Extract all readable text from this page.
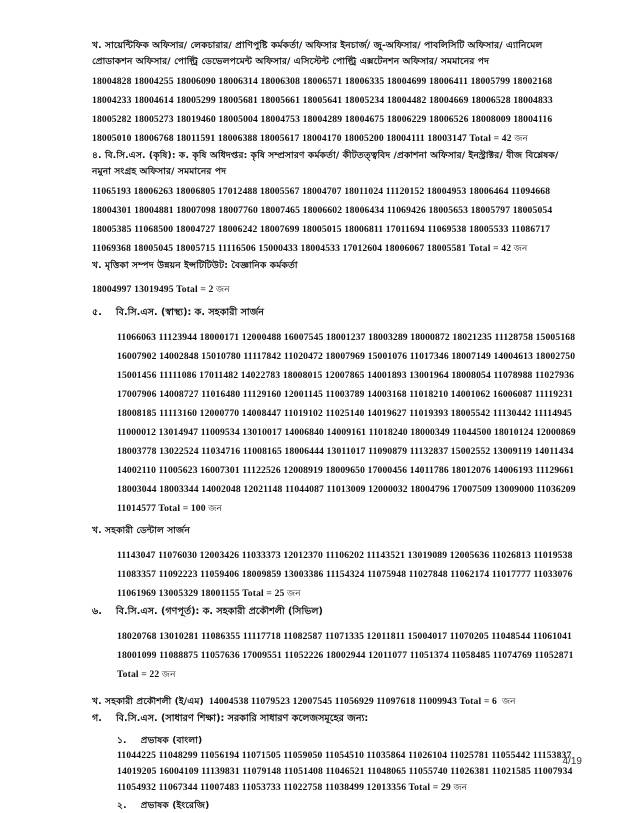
খ. সায়েন্টিফিক অফিসার/ লেকচারার/ প্রাণিপুষ্টি কর্মকর্তা/ অফিসার ইনচার্জ/ জু-অফিসার/ পাবলিসিটি অফিসার/ এ্যানিমেল
প্রোডাকশন অফিসার/ পোল্ট্রি ডেভেলপমেন্ট অফিসার/ এসিস্টেন্ট পোল্ট্রি এক্সটেনশন অফিসার/ সমমানের পদ
18004828 18004255 18006090 18006314 18006308 18006571 18006335 18004699 18006411 18005799 18002168
18004233 18004614 18005299 18005681 18005661 18005641 18005234 18004482 18004669 18006528 18004833
18005282 18005273 18019460 18005004 18004753 18004289 18004675 18006229 18006526 18008009 18004116
18005010 18006768 18011591 18006388 18005617 18004170 18005200 18004111 18003147 Total = 42 জন
৪. বি.সি.এস. (কৃষি): ক. কৃষি অধিদপ্তর: কৃষি সম্প্রসারণ কর্মকর্তা/ কীটতত্ত্ববিদ /প্রকাশনা অফিসার/ ইনস্ট্রাক্টর/ বীজ বিশ্লেষক/
নমুনা সংগ্রহ অফিসার/ সমমানের পদ
11065193 18006263 18006805 17012488 18005567 18004707 18011024 11120152 18004953 18006464 11094668
18004301 18004881 18007098 18007760 18007465 18006602 18006434 11069426 18005653 18005797 18005054
18005385 11068500 18004727 18006242 18007699 18005015 18006811 17011694 11069538 18005533 11086717
11069368 18005045 18005715 11116506 15000433 18004533 17012604 18006067 18005581 Total = 42 জন
খ. মৃত্তিকা সম্পদ উন্নয়ন ইন্সটিটিউট: বৈজ্ঞানিক কর্মকর্তা
18004997 13019495 Total = 2 জন
৫. বি.সি.এস. (স্বাস্থ্য): ক. সহকারী সার্জন
11066063 11123944 18000171 12000488 16007545 18001237 18003289 18000872 18021235 11128758 15005168
16007902 14002848 15010780 11117842 11020472 18007969 15001076 11017346 18007149 14004613 18002750
15001456 11111086 17011482 14022783 18008015 12007865 14001893 13001964 18008054 11078988 11027936
17007906 14008727 11016480 11129160 12001145 11003789 14003168 11018210 14001062 16006087 11119231
18008185 11113160 12000770 14008447 11019102 11025140 14019627 11019393 18005542 11130442 11114945
11000012 13014947 11009534 13010017 14006840 14009161 11018240 18000349 11044500 18010124 12000869
18003778 13022524 11034716 11008165 18006444 13011017 11090879 11132837 15002552 13009119 14011434
14002110 11005623 16007301 11122526 12008919 18009650 17000456 14011786 18012076 14006193 11129661
18003044 18003344 14002048 12021148 11044087 11013009 12000032 18004796 17007509 13009000 11036209
11014577 Total = 100 জন
খ. সহকারী ডেন্টাল সার্জন
11143047 11076030 12003426 11033373 12012370 11106202 11143521 13019089 12005636 11026813 11019538
11083357 11092223 11059406 18009859 13003386 11154324 11075948 11027848 11062174 11017777 11033076
11061969 13005329 18001155 Total = 25 জন
৬. বি.সি.এস. (গণপূর্ত): ক. সহকারী প্রকৌশলী (সিভিল)
18020768 13010281 11086355 11117718 11082587 11071335 12011811 15004017 11070205 11048544 11061041
18001099 11088875 11057636 17009551 11052226 18002944 12011077 11051374 11058485 11074769 11052871
Total = 22 জন
খ. সহকারী প্রকৌশলী (ই/এম) 14004538 11079523 12007545 11056929 11097618 11009943 Total = 6 জন
গ. বি.সি.এস. (সাধারণ শিক্ষা): সরকারি সাধারণ কলেজসমূহের জন্য:
১. প্রভাষক (বাংলা)
11044225 11048299 11056194 11071505 11059050 11054510 11035864 11026104 11025781 11055442 11153837
14019205 16004109 11139831 11079148 11051408 11046521 11048065 11055740 11026381 11021585 11007934
11054932 11067344 11007483 11053733 11022758 11038499 12013356 Total = 29 জন
২. প্রভাষক (ইংরেজি)
4/19
